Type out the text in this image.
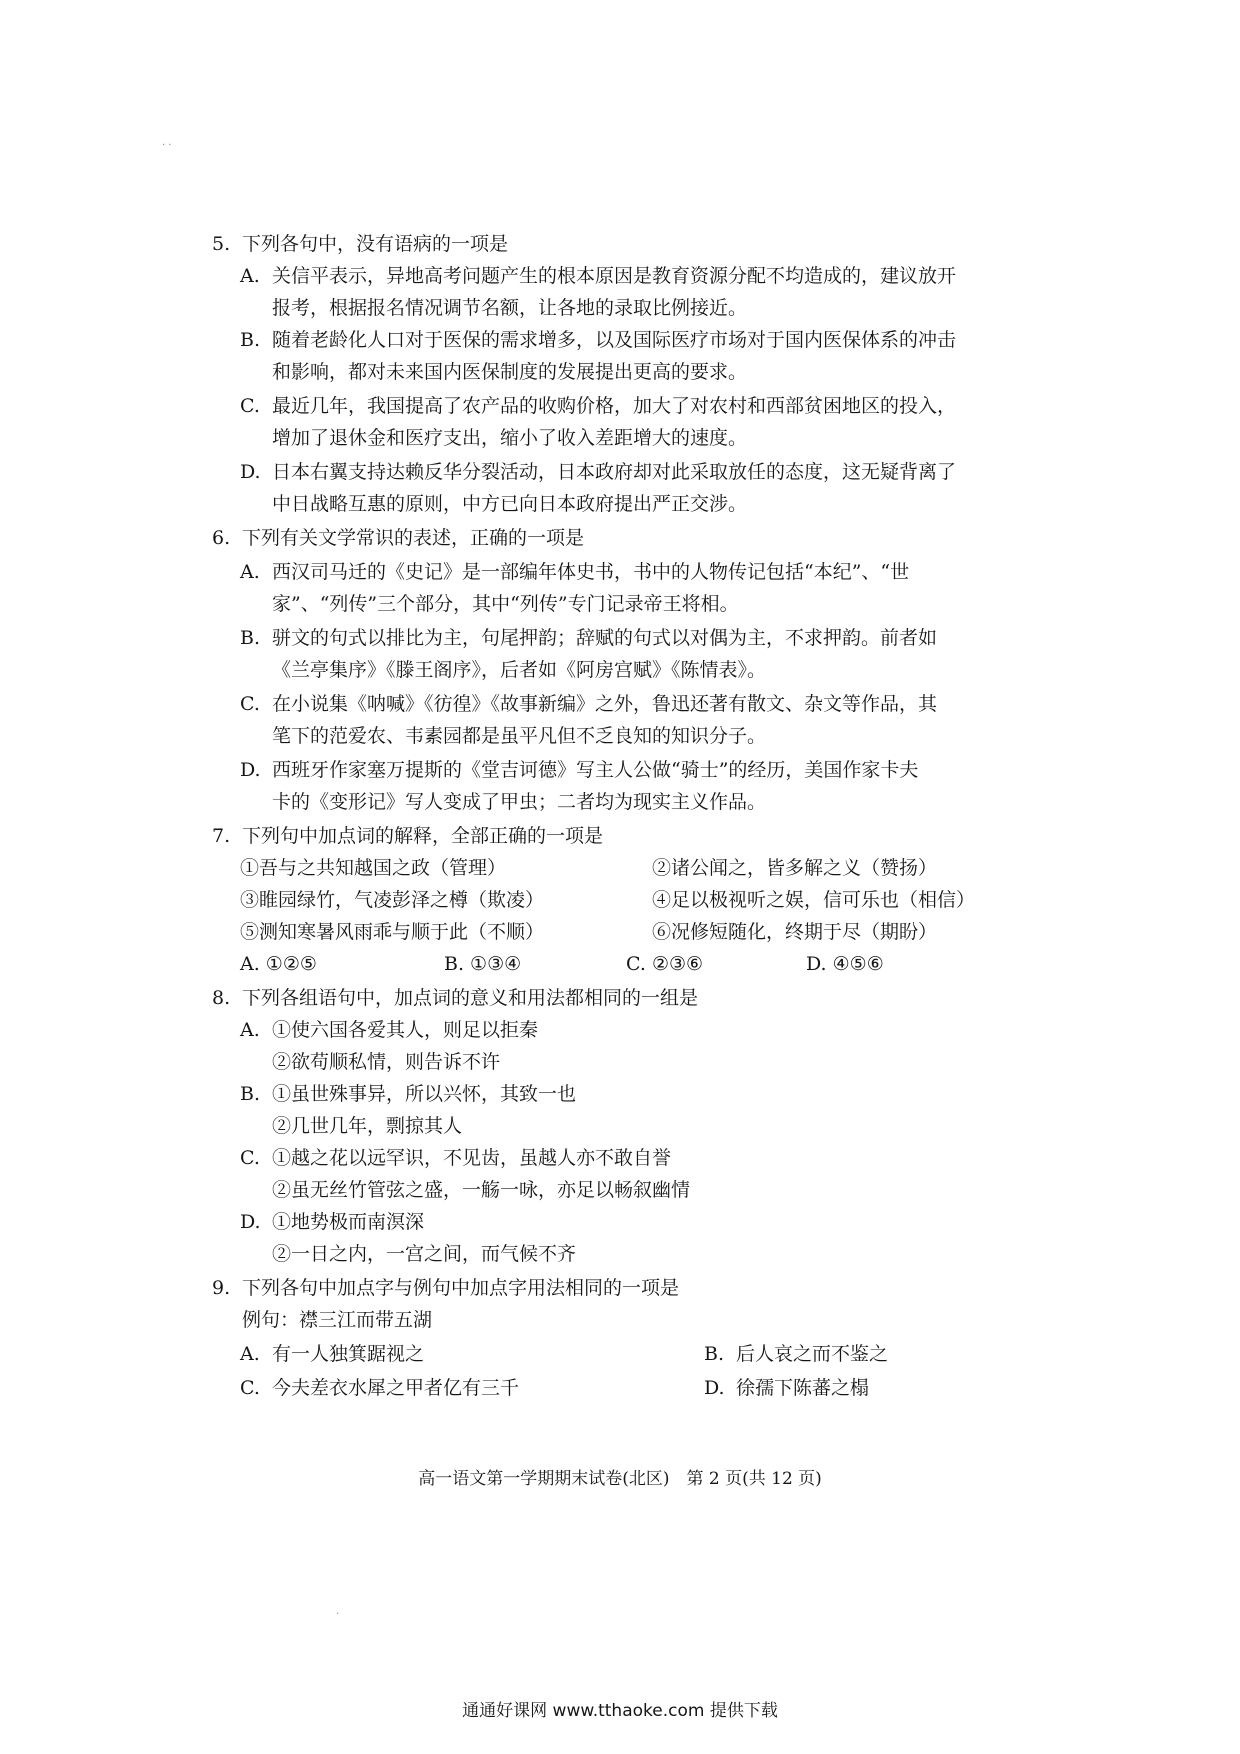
· ·
5. 下列各句中，没有语病的一项是
A. 关信平表示，异地高考问题产生的根本原因是教育资源分配不均造成的，建议放开
报考，根据报名情况调节名额，让各地的录取比例接近。
B. 随着老龄化人口对于医保的需求增多，以及国际医疗市场对于国内医保体系的冲击
和影响，都对未来国内医保制度的发展提出更高的要求。
C. 最近几年，我国提高了农产品的收购价格，加大了对农村和西部贫困地区的投入，
增加了退休金和医疗支出，缩小了收入差距增大的速度。
D. 日本右翼支持达赖反华分裂活动，日本政府却对此采取放任的态度，这无疑背离了
中日战略互惠的原则，中方已向日本政府提出严正交涉。
6. 下列有关文学常识的表述，正确的一项是
A. 西汉司马迁的《史记》是一部编年体史书，书中的人物传记包括“本纪”、“世
家”、“列传”三个部分，其中“列传”专门记录帝王将相。
B. 骈文的句式以排比为主，句尾押韵；辞赋的句式以对偶为主，不求押韵。前者如
《兰亭集序》《滕王阁序》，后者如《阿房宫赋》《陈情表》。
C. 在小说集《呐喊》《彷徨》《故事新编》之外，鲁迅还著有散文、杂文等作品，其
笔下的范爱农、韦素园都是虽平凡但不乏良知的知识分子。
D. 西班牙作家塞万提斯的《堂吉诃德》写主人公做“骑士”的经历，美国作家卡夫
卡的《变形记》写人变成了甲虫；二者均为现实主义作品。
7. 下列句中加点词的解释，全部正确的一项是
①吾与之共知越国之政（管理）	②诸公闻之，皆多解之义（赞扬）
③睢园绿竹，气凌彭泽之樽（欺凌）	④足以极视听之娱，信可乐也（相信）
⑤测知寒暑风雨乖与顺于此（不顺）	⑥况修短随化，终期于尽（期盼）
A. ①②⑤	B. ①③④	C. ②③⑥	D. ④⑤⑥
8. 下列各组语句中，加点词的意义和用法都相同的一组是
A. ①使六国各爱其人，则足以拒秦
②欲苟顺私情，则告诉不许
B. ①虽世殊事异，所以兴怀，其致一也
②几世几年，剽掠其人
C. ①越之花以远罕识，不见齿，虽越人亦不敢自誉
②虽无丝竹管弦之盛，一觞一咏，亦足以畅叙幽情
D. ①地势极而南溟深
②一日之内，一宫之间，而气候不齐
9. 下列各句中加点字与例句中加点字用法相同的一项是
例句：襟三江而带五湖
A. 有一人独箕踞视之	B. 后人哀之而不鉴之
C. 今夫差衣水犀之甲者亿有三千	D. 徐孺下陈蕃之榻
高一语文第一学期期末试卷(北区)　第 2 页(共 12 页)
.
通通好课网 www.tthaoke.com 提供下载
